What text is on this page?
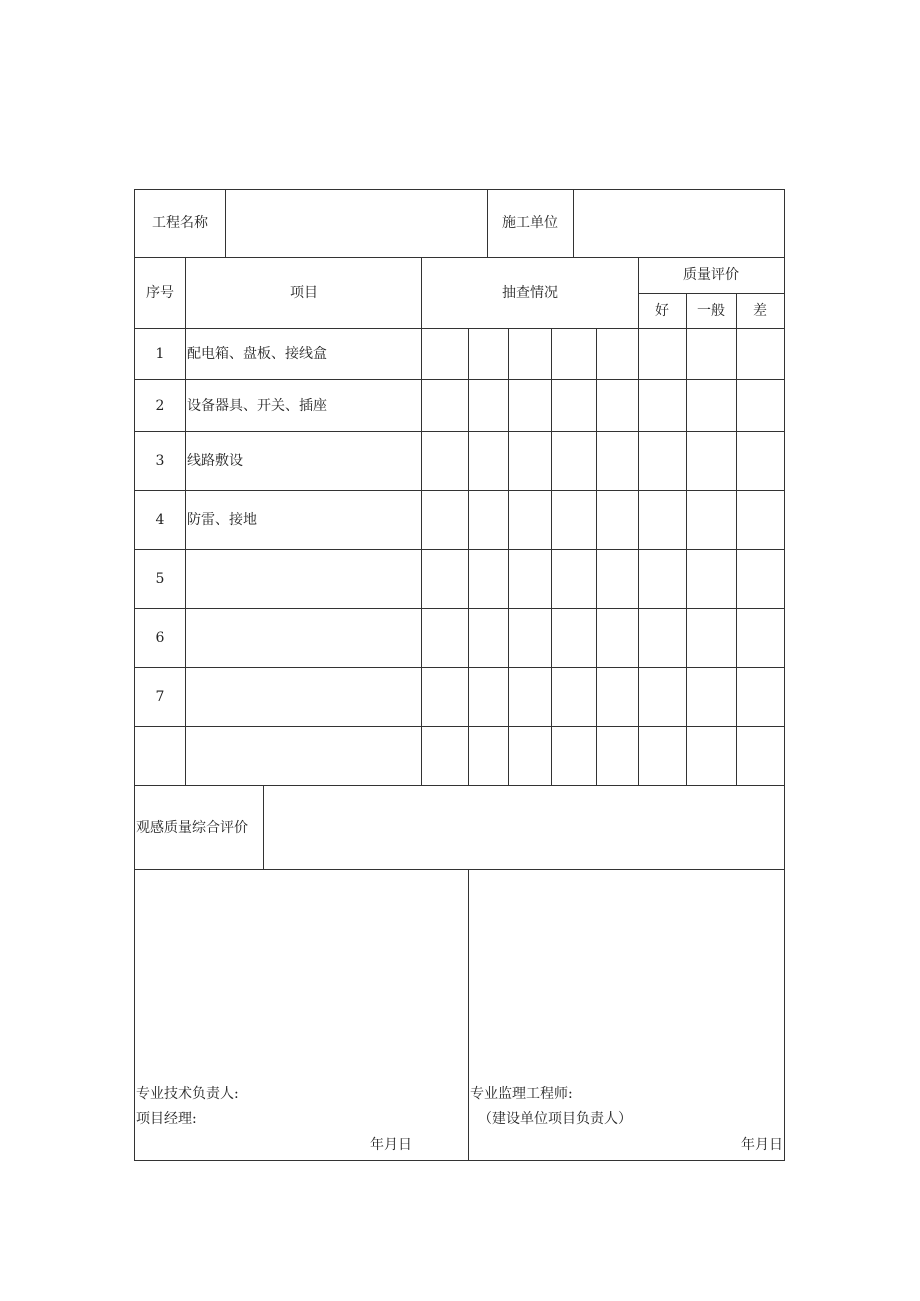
工程名称	施工单位
序号	项目	抽查情况
质量评价
好 一般 差
1 配电箱、盘板、接线盒
2 设备器具、开关、插座
3 线路敷设
4 防雷、接地
5
6
7
观感质量综合评价
专业技术负责人:
项目经理:
年月日
专业监理工程师:
（建设单位项目负责人）
年月日
